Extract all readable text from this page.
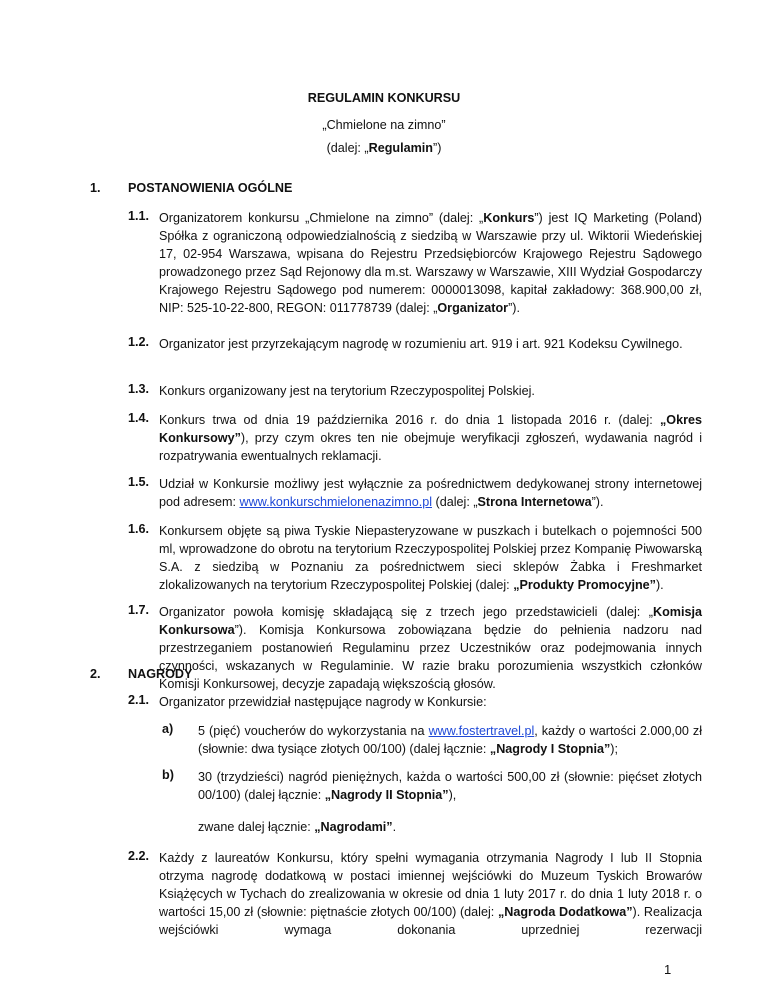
REGULAMIN KONKURSU
„Chmielone na zimno”
(dalej: „Regulamin”)
1. POSTANOWIENIA OGÓLNE
1.1. Organizatorem konkursu „Chmielone na zimno” (dalej: „Konkurs”) jest IQ Marketing (Poland) Spółka z ograniczoną odpowiedzialnością z siedzibą w Warszawie przy ul. Wiktorii Wiedeńskiej 17, 02-954 Warszawa, wpisana do Rejestru Przedsiębiorców Krajowego Rejestru Sądowego prowadzonego przez Sąd Rejonowy dla m.st. Warszawy w Warszawie, XIII Wydział Gospodarczy Krajowego Rejestru Sądowego pod numerem: 0000013098, kapitał zakładowy: 368.900,00 zł, NIP: 525-10-22-800, REGON: 011778739 (dalej: „Organizator”).
1.2. Organizator jest przyrzekającym nagrodę w rozumieniu art. 919 i art. 921 Kodeksu Cywilnego.
1.3. Konkurs organizowany jest na terytorium Rzeczypospolitej Polskiej.
1.4. Konkurs trwa od dnia 19 października 2016 r. do dnia 1 listopada 2016 r. (dalej: „Okres Konkursowy”), przy czym okres ten nie obejmuje weryfikacji zgłoszeń, wydawania nagród i rozpatrywania ewentualnych reklamacji.
1.5. Udział w Konkursie możliwy jest wyłącznie za pośrednictwem dedykowanej strony internetowej pod adresem: www.konkurschmielonenazimno.pl (dalej: „Strona Internetowa”).
1.6. Konkursem objęte są piwa Tyskie Niepasteryzowane w puszkach i butelkach o pojemności 500 ml, wprowadzone do obrotu na terytorium Rzeczypospolitej Polskiej przez Kompanię Piwowarską S.A. z siedzibą w Poznaniu za pośrednictwem sieci sklepów Żabka i Freshmarket zlokalizowanych na terytorium Rzeczypospolitej Polskiej (dalej: „Produkty Promocyjne”).
1.7. Organizator powoła komisję składającą się z trzech jego przedstawicieli (dalej: „Komisja Konkursowa”). Komisja Konkursowa zobowiązana będzie do pełnienia nadzoru nad przestrzeganiem postanowień Regulaminu przez Uczestników oraz podejmowania innych czynności, wskazanych w Regulaminie. W razie braku porozumienia wszystkich członków Komisji Konkursowej, decyzje zapadają większością głosów.
2. NAGRODY
2.1. Organizator przewidział następujące nagrody w Konkursie:
a) 5 (pięć) voucherów do wykorzystania na www.fostertravel.pl, każdy o wartości 2.000,00 zł (słownie: dwa tysiące złotych 00/100) (dalej łącznie: „Nagrody I Stopnia”);
b) 30 (trzydzieści) nagród pieniężnych, każda o wartości 500,00 zł (słownie: pięćset złotych 00/100) (dalej łącznie: „Nagrody II Stopnia”),
zwane dalej łącznie: „Nagrodami”.
2.2. Każdy z laureatów Konkursu, który spełni wymagania otrzymania Nagrody I lub II Stopnia otrzyma nagrodę dodatkową w postaci imiennej wejściówki do Muzeum Tyskich Browarów Książęcych w Tychach do zrealizowania w okresie od dnia 1 luty 2017 r. do dnia 1 luty 2018 r. o wartości 15,00 zł (słownie: piętnaście złotych 00/100) (dalej: „Nagroda Dodatkowa”). Realizacja wejściówki wymaga dokonania uprzedniej rezerwacji
1
